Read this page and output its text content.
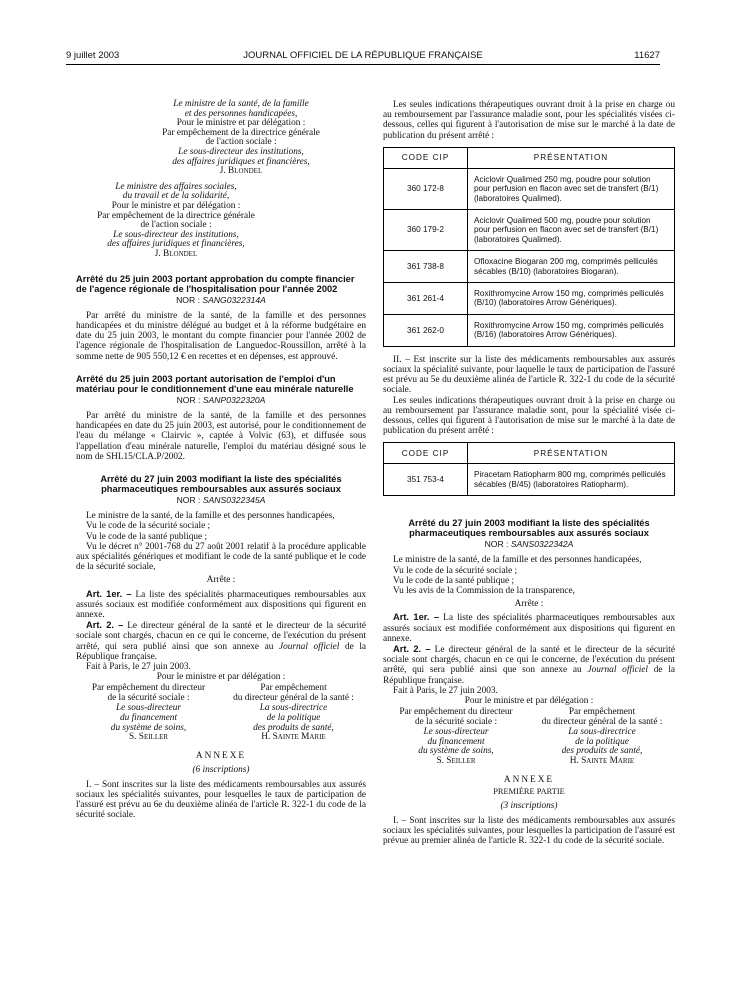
9 juillet 2003	JOURNAL OFFICIEL DE LA RÉPUBLIQUE FRANÇAISE	11627
Le ministre de la santé, de la famille
et des personnes handicapées,
Pour le ministre et par délégation :
Par empêchement de la directrice générale
de l'action sociale :
Le sous-directeur des institutions,
des affaires juridiques et financières,
J. Blondel
Le ministre des affaires sociales,
du travail et de la solidarité,
Pour le ministre et par délégation :
Par empêchement de la directrice générale
de l'action sociale :
Le sous-directeur des institutions,
des affaires juridiques et financières,
J. Blondel

Arrêté du 25 juin 2003 portant approbation du compte financier de l'agence régionale de l'hospitalisation pour l'année 2002

NOR : SANG0322314A

Par arrêté du ministre de la santé, de la famille et des personnes handicapées et du ministre délégué au budget et à la réforme budgétaire en date du 25 juin 2003, le montant du compte financier pour l'année 2002 de l'agence régionale de l'hospitalisation de Languedoc-Roussillon, arrêté à la somme nette de 905 550,12 € en recettes et en dépenses, est approuvé.

Arrêté du 25 juin 2003 portant autorisation de l'emploi d'un matériau pour le conditionnement d'une eau minérale naturelle

NOR : SANP0322320A

Par arrêté du ministre de la santé, de la famille et des personnes handicapées en date du 25 juin 2003, est autorisé, pour le conditionnement de l'eau du mélange « Clairvic », captée à Volvic (63), et diffusée sous l'appellation d'eau minérale naturelle, l'emploi du matériau désigné sous le nom de SHL15/CLA.P/2002.

Arrêté du 27 juin 2003 modifiant la liste des spécialités pharmaceutiques remboursables aux assurés sociaux

NOR : SANS0322345A

Le ministre de la santé, de la famille et des personnes handicapées,

Vu le code de la sécurité sociale ;

Vu le code de la santé publique ;

Vu le décret n° 2001-768 du 27 août 2001 relatif à la procédure applicable aux spécialités génériques et modifiant le code de la santé publique et le code de la sécurité sociale,

Arrête :

Art. 1er. – La liste des spécialités pharmaceutiques remboursables aux assurés sociaux est modifiée conformément aux dispositions qui figurent en annexe.

Art. 2. – Le directeur général de la santé et le directeur de la sécurité sociale sont chargés, chacun en ce qui le concerne, de l'exécution du présent arrêté, qui sera publié ainsi que son annexe au Journal officiel de la République française.

Fait à Paris, le 27 juin 2003.

Pour le ministre et par délégation :

Par empêchement du directeur
de la sécurité sociale :
Le sous-directeur
du financement
du système de soins,
S. Seiller
Par empêchement
du directeur général de la santé :
La sous-directrice
de la politique
des produits de santé,
H. Sainte Marie

ANNEXE

(6 inscriptions)

I. – Sont inscrites sur la liste des médicaments remboursables aux assurés sociaux les spécialités suivantes, pour lesquelles le taux de participation de l'assuré est prévu au 6e du deuxième alinéa de l'article R. 322-1 du code de la sécurité sociale.

Les seules indications thérapeutiques ouvrant droit à la prise en charge ou au remboursement par l'assurance maladie sont, pour les spécialités visées ci-dessous, celles qui figurent à l'autorisation de mise sur le marché à la date de publication du présent arrêté :

CODE CIP	PRÉSENTATION
360 172-8	Aciclovir Qualimed 250 mg, poudre pour solution pour perfusion en flacon avec set de transfert (B/1) (laboratoires Qualimed).
360 179-2	Aciclovir Qualimed 500 mg, poudre pour solution pour perfusion en flacon avec set de transfert (B/1) (laboratoires Qualimed).
361 738-8	Ofloxacine Biogaran 200 mg, comprimés pelliculés sécables (B/10) (laboratoires Biogaran).
361 261-4	Roxithromycine Arrow 150 mg, comprimés pelliculés (B/10) (laboratoires Arrow Génériques).
361 262-0	Roxithromycine Arrow 150 mg, comprimés pelliculés (B/16) (laboratoires Arrow Génériques).

II. – Est inscrite sur la liste des médicaments remboursables aux assurés sociaux la spécialité suivante, pour laquelle le taux de participation de l'assuré est prévu au 5e du deuxième alinéa de l'article R. 322-1 du code de la sécurité sociale.

Les seules indications thérapeutiques ouvrant droit à la prise en charge ou au remboursement par l'assurance maladie sont, pour la spécialité visée ci-dessous, celles qui figurent à l'autorisation de mise sur le marché à la date de publication du présent arrêté :

CODE CIP	PRÉSENTATION
351 753-4	Piracetam Ratiopharm 800 mg, comprimés pelliculés sécables (B/45) (laboratoires Ratiopharm).

Arrêté du 27 juin 2003 modifiant la liste des spécialités pharmaceutiques remboursables aux assurés sociaux

NOR : SANS0322342A

Le ministre de la santé, de la famille et des personnes handicapées,

Vu le code de la sécurité sociale ;

Vu le code de la santé publique ;

Vu les avis de la Commission de la transparence,

Arrête :

Art. 1er. – La liste des spécialités pharmaceutiques remboursables aux assurés sociaux est modifiée conformément aux dispositions qui figurent en annexe.

Art. 2. – Le directeur général de la santé et le directeur de la sécurité sociale sont chargés, chacun en ce qui le concerne, de l'exécution du présent arrêté, qui sera publié ainsi que son annexe au Journal officiel de la République française.

Fait à Paris, le 27 juin 2003.

Pour le ministre et par délégation :

Par empêchement du directeur
de la sécurité sociale :
Le sous-directeur
du financement
du système de soins,
S. Seiller
Par empêchement
du directeur général de la santé :
La sous-directrice
de la politique
des produits de santé,
H. Sainte Marie

ANNEXE

PREMIÈRE PARTIE

(3 inscriptions)

I. – Sont inscrites sur la liste des médicaments remboursables aux assurés sociaux les spécialités suivantes, pour lesquelles la participation de l'assuré est prévue au premier alinéa de l'article R. 322-1 du code de la sécurité sociale.
